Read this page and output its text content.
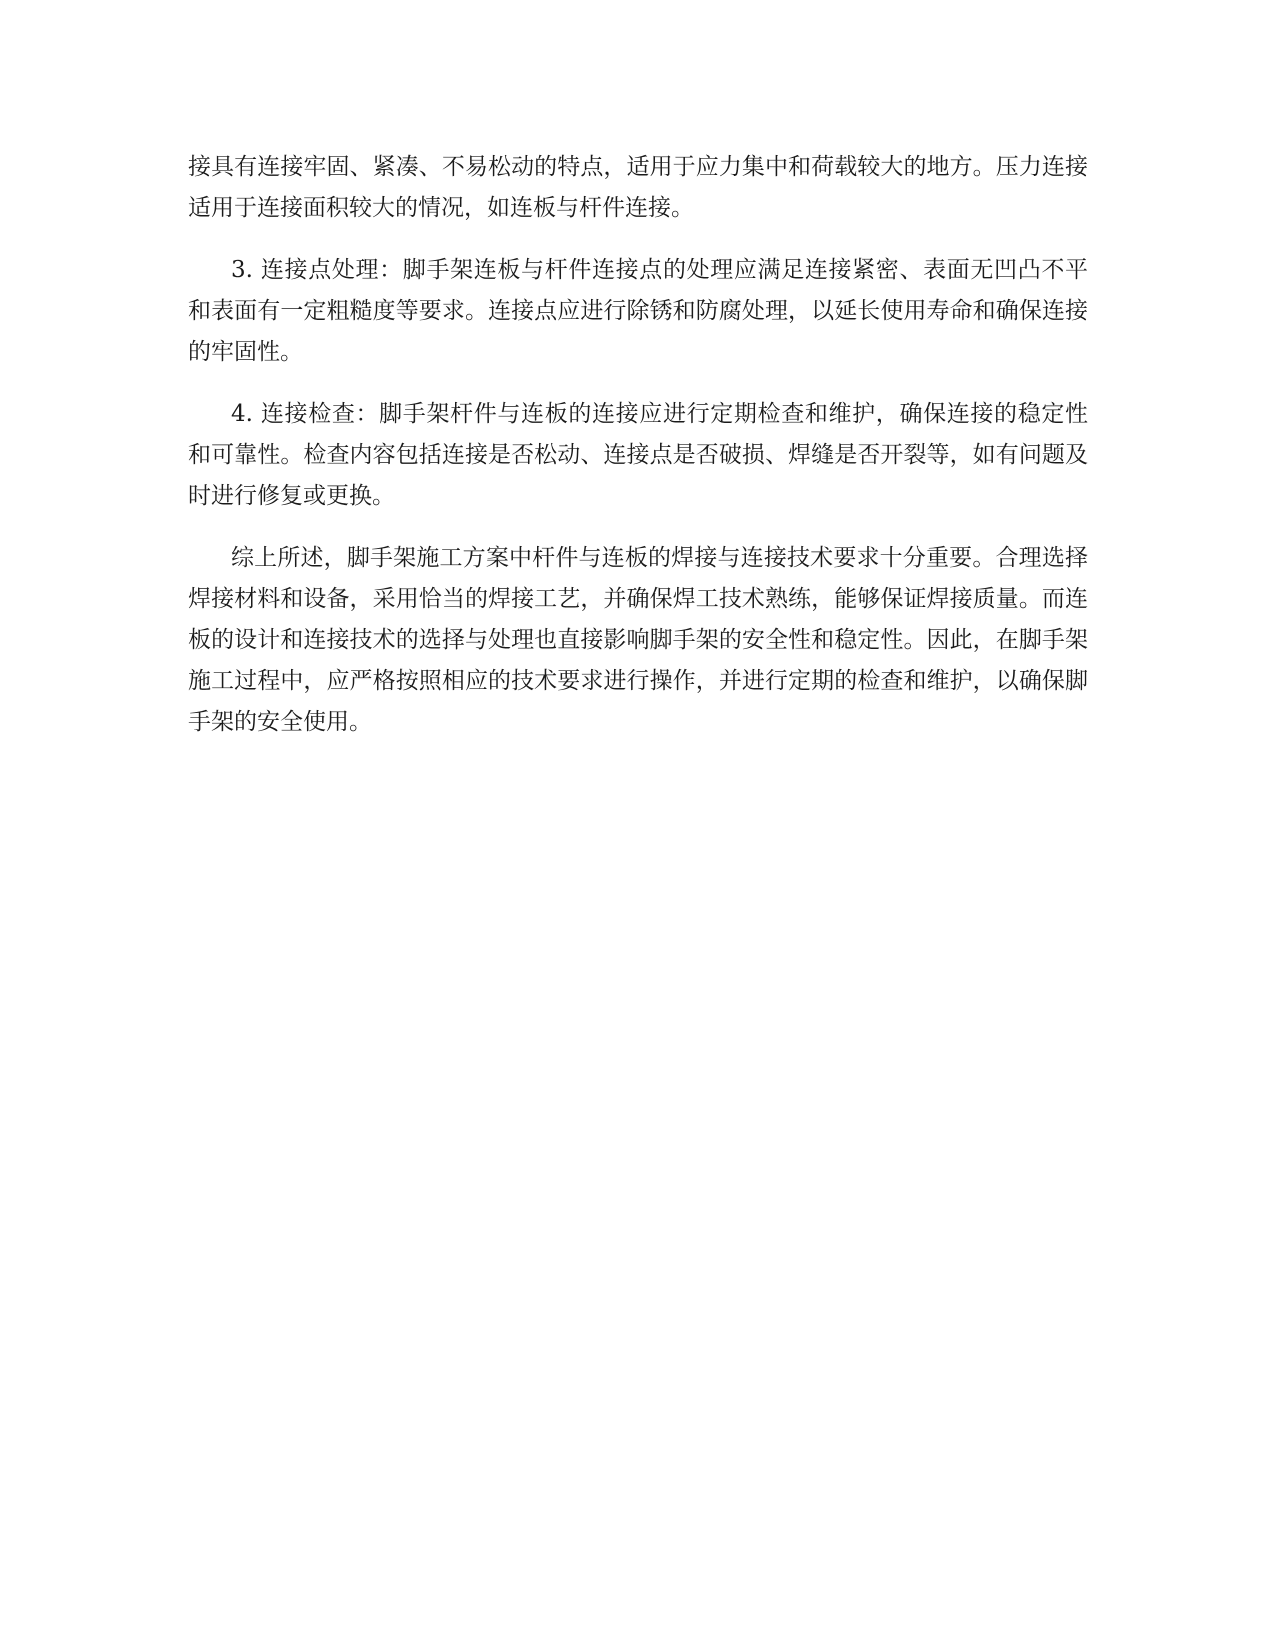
接具有连接牢固、紧凑、不易松动的特点，适用于应力集中和荷载较大的地方。压力连接适用于连接面积较大的情况，如连板与杆件连接。

3. 连接点处理：脚手架连板与杆件连接点的处理应满足连接紧密、表面无凹凸不平和表面有一定粗糙度等要求。连接点应进行除锈和防腐处理，以延长使用寿命和确保连接的牢固性。

4. 连接检查：脚手架杆件与连板的连接应进行定期检查和维护，确保连接的稳定性和可靠性。检查内容包括连接是否松动、连接点是否破损、焊缝是否开裂等，如有问题及时进行修复或更换。

综上所述，脚手架施工方案中杆件与连板的焊接与连接技术要求十分重要。合理选择焊接材料和设备，采用恰当的焊接工艺，并确保焊工技术熟练，能够保证焊接质量。而连板的设计和连接技术的选择与处理也直接影响脚手架的安全性和稳定性。因此，在脚手架施工过程中，应严格按照相应的技术要求进行操作，并进行定期的检查和维护，以确保脚手架的安全使用。
